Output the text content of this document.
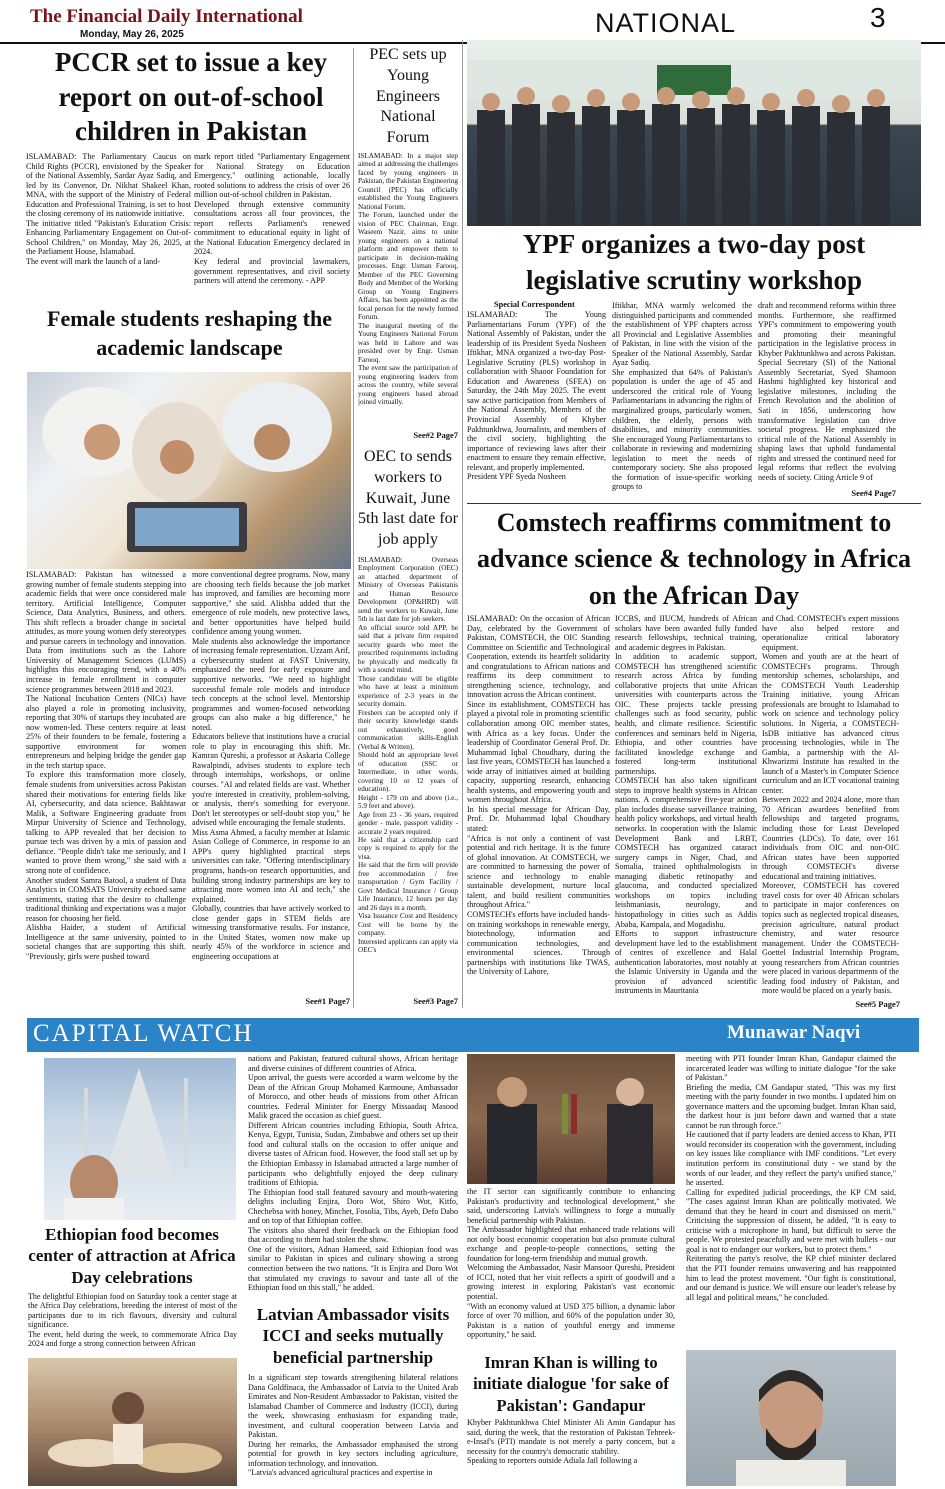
The Financial Daily International
Monday, May 26, 2025	NATIONAL	3
PCCR set to issue a key report on out-of-school children in Pakistan
ISLAMABAD: The Parliamentary Caucus on Child Rights (PCCR), envisioned by the Speaker of the National Assembly, Sardar Ayaz Sadiq, and led by its Convenor, Dr. Nikhat Shakeel Khan, MNA, with the support of the Ministry of Federal Education and Professional Training, is set to host the closing ceremony of its nationwide initiative.
The initiative titled "Pakistan's Education Crisis: Enhancing Parliamentary Engagement on Out-of-School Children," on Monday, May 26, 2025, at the Parliament House, Islamabad.
The event will mark the launch of a land-
mark report titled "Parliamentary Engagement for National Strategy on Education Emergency," outlining actionable, locally rooted solutions to address the crisis of over 26 million out-of-school children in Pakistan.
Developed through extensive community consultations across all four provinces, the report reflects Parliament's renewed commitment to educational equity in light of the National Education Emergency declared in 2024.
Key federal and provincial lawmakers, government representatives, and civil society partners will attend the ceremony. - APP
Female students reshaping the academic landscape
ISLAMABAD: Pakistan has witnessed a growing number of female students stepping into academic fields that were once considered male territory. Artificial Intelligence, Computer Science, Data Analytics, Business, and others. This shift reflects a broader change in societal attitudes, as more young women defy stereotypes and pursue careers in technology and innovation. Data from institutions such as the Lahore University of Management Sciences (LUMS) highlights this encouraging trend, with a 40% increase in female enrollment in computer science programmes between 2018 and 2023.
The National Incubation Centers (NICs) have also played a role in promoting inclusivity, reporting that 30% of startups they incubated are now women-led. These centers require at least 25% of their founders to be female, fostering a supportive environment for women entrepreneurs and helping bridge the gender gap in the tech startup space.
To explore this transformation more closely, female students from universities across Pakistan shared their motivations for entering fields like AI, cybersecurity, and data science. Bakhtawar Malik, a Software Engineering graduate from Mirpur University of Science and Technology, talking to APP revealed that her decision to pursue tech was driven by a mix of passion and defiance. "People didn't take me seriously, and I wanted to prove them wrong," she said with a strong note of confidence.
Another student Samra Batool, a student of Data Analytics in COMSATS University echoed same sentiments, stating that the desire to challenge traditional thinking and expectations was a major reason for choosing her field.
Alishba Haider, a student of Artificial Intelligence at the same university, pointed to societal changes that are supporting this shift. "Previously, girls were pushed toward
more conventional degree programs. Now, many are choosing tech fields because the job market has improved, and families are becoming more supportive," she said. Alishba added that the emergence of role models, new protective laws, and better opportunities have helped build confidence among young women.
Male students also acknowledge the importance of increasing female representation. Uzzam Arif, a cybersecurity student at FAST University, emphasized the need for early exposure and supportive networks. "We need to highlight successful female role models and introduce tech concepts at the school level. Mentorship programmes and women-focused networking groups can also make a big difference," he noted.
Educators believe that institutions have a crucial role to play in encouraging this shift. Mr. Kamran Qureshi, a professor at Askaria College Rawalpindi, advises students to explore tech through internships, workshops, or online courses. "AI and related fields are vast. Whether you're interested in creativity, problem-solving, or analysis, there's something for everyone. Don't let stereotypes or self-doubt stop you," he advised while encouraging the female students.
Miss Asma Ahmed, a faculty member at Islamic Asian College of Commerce, in response to an APP's query highlighted practical steps universities can take. "Offering interdisciplinary programs, hands-on research opportunities, and building strong industry partnerships are key to attracting more women into AI and tech," she explained.
Globally, countries that have actively worked to close gender gaps in STEM fields are witnessing transformative results. For instance, in the United States, women now make up nearly 45% of the workforce in science and engineering occupations at
See#1 Page7
PEC sets up Young Engineers National Forum
ISLAMABAD: In a major step aimed at addressing the challenges faced by young engineers in Pakistan, the Pakistan Engineering Council (PEC) has officially established the Young Engineers National Forum.
The Forum, launched under the vision of PEC Chairman, Engr. Waseem Nazir, aims to unite young engineers on a national platform and empower them to participate in decision-making processes. Engr. Usman Farooq, Member of the PEC Governing Body and Member of the Working Group on Young Engineers Affairs, has been appointed as the focal person for the newly formed Forum.
The inaugural meeting of the Young Engineers National Forum was held in Lahore and was presided over by Engr. Usman Farooq.
The event saw the participation of young engineering leaders from across the country, while several young engineers based abroad joined virtually.
See#2 Page7
OEC to sends workers to Kuwait, June 5th last date for job apply
ISLAMABAD: Overseas Employment Corporation (OEC) an attached department of Ministry of Overseas Pakistanis and Human Resource Development (OP&HRD) will send the workers to Kuwait, June 5th is last date for job seekers.
An official source told APP, he said that a private firm required security guards who meet the prescribed requirements including be physically and medically fit with a sound mind.
Those candidate will be eligible who have at least a minimum experience of 2-3 years in the security domain.
Freshers can be accepted only if their security knowledge stands out exhaustively, good communication skills-English (Verbal & Written).
Should hold an appropriate level of education (SSC or Intermediate, in other words, covering 10 or 12 years of education).
Height - 179 cm and above (i.e., 5.9 feet and above).
Age from 23 - 36 years, required gender - male, passport validity - accurate 2 years required.
He said that a citizenship card copy is required to apply for the visa.
He said that the firm will provide free accommodation / free transportation / Gym Facility / Govt Medical Insurance / Group Life Insurance, 12 hours per day and 26 days in a month.
Visa Issuance Cost and Residency Cost will be borne by the company.
Interested applicants can apply via OEC's
See#3 Page7
YPF organizes a two-day post legislative scrutiny workshop
Special Correspondent
ISLAMABAD: The Young Parliamentarians Forum (YPF) of the National Assembly of Pakistan, under the leadership of its President Syeda Nosheen Iftikhar, MNA organized a two-day Post-Legislative Scrutiny (PLS) workshop in collaboration with Shaoor Foundation for Education and Awareness (SFEA) on Saturday, the 24th May 2025. The event saw active participation from Members of the National Assembly, Members of the Provincial Assembly of Khyber Pakhtunkhwa, Journalists, and members of the civil society, highlighting the importance of reviewing laws after their enactment to ensure they remain effective, relevant, and properly implemented.
President YPF Syeda Nosheen
Iftikhar, MNA warmly welcomed the distinguished participants and commended the establishment of YPF chapters across all Provincial and Legislative Assemblies of Pakistan, in line with the vision of the Speaker of the National Assembly, Sardar Ayaz Sadiq.
She emphasized that 64% of Pakistan's population is under the age of 45 and underscored the critical role of Young Parliamentarians in advancing the rights of marginalized groups, particularly women, children, the elderly, persons with disabilities, and minority communities. She encouraged Young Parliamentarians to collaborate in reviewing and modernizing legislation to meet the needs of contemporary society. She also proposed the formation of issue-specific working groups to
draft and recommend reforms within three months. Furthermore, she reaffirmed YPF's commitment to empowering youth and promoting their meaningful participation in the legislative process in Khyber Pakhtunkhwa and across Pakistan.
Special Secretary (SI) of the National Assembly Secretariat, Syed Shamoon Hashmi highlighted key historical and legislative milestones, including the French Revolution and the abolition of Sati in 1856, underscoring how transformative legislation can drive societal progress. He emphasized the critical role of the National Assembly in shaping laws that uphold fundamental rights and stressed the continued need for legal reforms that reflect the evolving needs of society. Citing Article 9 of
See#4 Page7
Comstech reaffirms commitment to advance science & technology in Africa on the African Day
ISLAMABAD: On the occasion of African Day, celebrated by the Government of Pakistan, COMSTECH, the OIC Standing Committee on Scientific and Technological Cooperation, extends its heartfelt solidarity and congratulations to African nations and reaffirms its deep commitment to strengthening science, technology, and innovation across the African continent.
Since its establishment, COMSTECH has played a pivotal role in promoting scientific collaboration among OIC member states, with Africa as a key focus. Under the leadership of Coordinator General Prof. Dr. Muhammad Iqbal Choudhary, during the last five years, COMSTECH has launched a wide array of initiatives aimed at building capacity, supporting research, enhancing health systems, and empowering youth and women throughout Africa.
In his special message for African Day, Prof. Dr. Muhammad Iqbal Choudhary stated:
"Africa is not only a continent of vast potential and rich heritage. It is the future of global innovation. At COMSTECH, we are committed to harnessing the power of science and technology to enable sustainable development, nurture local talent, and build resilient communities throughout Africa."
COMSTECH's efforts have included hands-on training workshops in renewable energy, biotechnology, information and communication technologies, and environmental sciences. Through partnerships with institutions like TWAS, the University of Lahore,
ICCBS, and IIUCM, hundreds of African scholars have been awarded fully funded research fellowships, technical training, and academic degrees in Pakistan.
In addition to academic support, COMSTECH has strengthened scientific research across Africa by funding collaborative projects that unite African universities with counterparts across the OIC. These projects tackle pressing challenges such as food security, public health, and climate resilience. Scientific conferences and seminars held in Nigeria, Ethiopia, and other countries have facilitated knowledge exchange and fostered long-term institutional partnerships.
COMSTECH has also taken significant steps to improve health systems in African nations. A comprehensive five-year action plan includes disease surveillance training, health policy workshops, and virtual health networks. In cooperation with the Islamic Development Bank and LRBT, COMSTECH has organized cataract surgery camps in Niger, Chad, and Somalia, trained ophthalmologists in managing diabetic retinopathy and glaucoma, and conducted specialized workshops on topics including leishmaniasis, neurology, and histopathology in cities such as Addis Ababa, Kampala, and Mogadishu.
Efforts to support infrastructure development have led to the establishment of centres of excellence and Halal authentication laboratories, most notably at the Islamic University in Uganda and the provision of advanced scientific instruments in Mauritania
and Chad. COMSTECH's expert missions have also helped restore and operationalize critical laboratory equipment.
Women and youth are at the heart of COMSTECH's programs. Through mentorship schemes, scholarships, and the COMSTECH Youth Leadership Training initiative, young African professionals are brought to Islamabad to work on science and technology policy solutions. In Nigeria, a COMSTECH-IsDB initiative has advanced citrus processing technologies, while in The Gambia, a partnership with the Al-Khwarizmi Institute has resulted in the launch of a Master's in Computer Science curriculum and an ICT vocational training center.
Between 2022 and 2024 alone, more than 70 African awardees benefited from fellowships and targeted programs, including those for Least Developed Countries (LDCs). To date, over 161 individuals from OIC and non-OIC African states have been supported through COMSTECH's diverse educational and training initiatives.
Moreover, COMSTECH has covered travel costs for over 40 African scholars to participate in major conferences on topics such as neglected tropical diseases, precision agriculture, natural product chemistry, and water resource management. Under the COMSTECH-Goettel Industrial Internship Program, young researchers from African countries were placed in various departments of the leading food industry of Pakistan, and more would be placed on a yearly basis.
See#5 Page7
CAPITAL WATCH	Munawar Naqvi
Ethiopian food becomes center of attraction at Africa Day celebrations
The delightful Ethiopian food on Saturday took a center stage at the Africa Day celebrations, breeding the interest of most of the participants due to its rich flavours, diversity and cultural significance.
The event, held during the week, to commemorate Africa Day 2024 and forge a strong connection between African
nations and Pakistan, featured cultural shows, African heritage and diverse cuisines of different countries of Africa.
Upon arrival, the guests were accorded a warm welcome by the Dean of the African Group Mohamed Karmoune, Ambassador of Morocco, and other heads of missions from other African countries. Federal Minister for Energy Missaadaq Masood Malik graced the occasion as chief guest.
Different African countries including Ethiopia, South Africa, Kenya, Egypt, Tunisia, Sudan, Zimbabwe and others set up their food and cultural stalls on the occasion to offer unique and diverse tastes of African food. However, the food stall set up by the Ethiopian Embassy in Islamabad attracted a large number of participants who delightfully enjoyed the deep culinary traditions of Ethiopia.
The Ethiopian food stall featured savoury and mouth-watering delights including Enjira, Doro Wot, Shiro Wot, Kitfo, Chechebsa with honey, Minchet, Fosolia, Tibs, Ayeb, Defo Dabo and on top of that Ethiopian coffee.
The visitors also shared their feedback on the Ethiopian food that according to them had stolen the show.
One of the visitors, Adnan Hameed, said Ethiopian food was similar to Pakistan in spices and culinary showing a strong connection between the two nations. "It is Enjira and Doro Wot that stimulated my cravings to savour and taste all of the Ethiopian food on this stall," he added.
Latvian Ambassador visits ICCI and seeks mutually beneficial partnership
In a significant step towards strengthening bilateral relations Dana Goldfinaca, the Ambassador of Latvia to the United Arab Emirates and Non-Resident Ambassador to Pakistan, visited the Islamabad Chamber of Commerce and Industry (ICCI), during the week, showcasing enthusiasm for expanding trade, investment, and cultural cooperation between Latvia and Pakistan.
During her remarks, the Ambassador emphasised the strong potential for growth in key sectors including agriculture, information technology, and innovation.
"Latvia's advanced agricultural practices and expertise in
the IT sector can significantly contribute to enhancing Pakistan's productivity and technological development," she said, underscoring Latvia's willingness to forge a mutually beneficial partnership with Pakistan.
The Ambassador highlighted that enhanced trade relations will not only boost economic cooperation but also promote cultural exchange and people-to-people connections, setting the foundation for long-term friendship and mutual growth.
Welcoming the Ambassador, Nasir Mansoor Qureshi, President of ICCI, noted that her visit reflects a spirit of goodwill and a growing interest in exploring Pakistan's vast economic potential.
"With an economy valued at USD 375 billion, a dynamic labor force of over 70 million, and 60% of the population under 30, Pakistan is a nation of youthful energy and immense opportunity," he said.
Imran Khan is willing to initiate dialogue 'for sake of Pakistan': Gandapur
Khyber Pakhtunkhwa Chief Minister Ali Amin Gandapur has said, during the week, that the restoration of Pakistan Tehreek-e-Insaf's (PTI) mandate is not merely a party concern, but a necessity for the country's democratic stability.
Speaking to reporters outside Adiala Jail following a
meeting with PTI founder Imran Khan, Gandapur claimed the incarcerated leader was willing to initiate dialogue "for the sake of Pakistan."
Briefing the media, CM Gandapur stated, "This was my first meeting with the party founder in two months. I updated him on governance matters and the upcoming budget. Imran Khan said, the darkest hour is just before dawn and warned that a state cannot be run through force."
He cautioned that if party leaders are denied access to Khan, PTI would reconsider its cooperation with the government, including on key issues like compliance with IMF conditions. "Let every institution perform its constitutional duty - we stand by the words of our leader, and they reflect the party's unified stance," he asserted.
Calling for expedited judicial proceedings, the KP CM said, "The cases against Imran Khan are politically motivated. We demand that they be heard in court and dismissed on merit." Criticising the suppression of dissent, he added, "It is easy to criticise with a microphone in hand, but difficult to serve the people. We protested peacefully and were met with bullets - our goal is not to endanger our workers, but to protect them."
Reiterating the party's resolve, the KP chief minister declared that the PTI founder remains unwavering and has reappointed him to lead the protest movement. "Our fight is constitutional, and our demand is justice. We will ensure our leader's release by all legal and political means," he concluded.
